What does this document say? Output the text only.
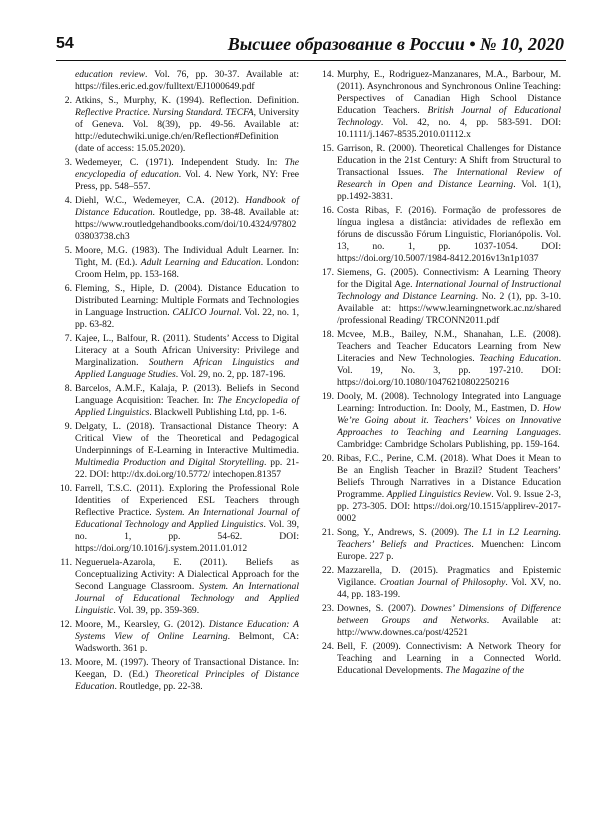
54	Высшее образование в России • № 10, 2020
education review. Vol. 76, pp. 30-37. Available at: https://files.eric.ed.gov/fulltext/EJ1000649.pdf
2. Atkins, S., Murphy, K. (1994). Reflection. Definition. Reflective Practice. Nursing Standard. TECFA, University of Geneva. Vol. 8(39), pp. 49-56. Available at: http://edutechwiki.unige.ch/en/Reflection#Definition (date of access: 15.05.2020).
3. Wedemeyer, C. (1971). Independent Study. In: The encyclopedia of education. Vol. 4. New York, NY: Free Press, pp. 548–557.
4. Diehl, W.C., Wedemeyer, C.A. (2012). Handbook of Distance Education. Routledge, pp. 38-48. Available at: https://www.routledgehandbooks.com/doi/10.4324/9780203803738.ch3
5. Moore, M.G. (1983). The Individual Adult Learner. In: Tight, M. (Ed.). Adult Learning and Education. London: Croom Helm, pp. 153-168.
6. Fleming, S., Hiple, D. (2004). Distance Education to Distributed Learning: Multiple Formats and Technologies in Language Instruction. CALICO Journal. Vol. 22, no. 1, pp. 63-82.
7. Kajee, L., Balfour, R. (2011). Students’ Access to Digital Literacy at a South African University: Privilege and Marginalization. Southern African Linguistics and Applied Language Studies. Vol. 29, no. 2, pp. 187-196.
8. Barcelos, A.M.F., Kalaja, P. (2013). Beliefs in Second Language Acquisition: Teacher. In: The Encyclopedia of Applied Linguistics. Blackwell Publishing Ltd, pp. 1-6.
9. Delgaty, L. (2018). Transactional Distance Theory: A Critical View of the Theoretical and Pedagogical Underpinnings of E-Learning in Interactive Multimedia. Multimedia Production and Digital Storytelling. pp. 21-22. DOI: http://dx.doi.org/10.5772/ intechopen.81357
10. Farrell, T.S.C. (2011). Exploring the Professional Role Identities of Experienced ESL Teachers through Reflective Practice. System. An International Journal of Educational Technology and Applied Linguistics. Vol. 39, no. 1, pp. 54-62. DOI: https://doi.org/10.1016/j.system.2011.01.012
11. Negueruela-Azarola, E. (2011). Beliefs as Conceptualizing Activity: A Dialectical Approach for the Second Language Classroom. System. An International Journal of Educational Technology and Applied Linguistic. Vol. 39, pp. 359-369.
12. Moore, M., Kearsley, G. (2012). Distance Education: A Systems View of Online Learning. Belmont, CA: Wadsworth. 361 p.
13. Moore, M. (1997). Theory of Transactional Distance. In: Keegan, D. (Ed.) Theoretical Principles of Distance Education. Routledge, pp. 22-38.
14. Murphy, E., Rodriguez-Manzanares, M.A., Barbour, M. (2011). Asynchronous and Synchronous Online Teaching: Perspectives of Canadian High School Distance Education Teachers. British Journal of Educational Technology. Vol. 42, no. 4, pp. 583-591. DOI: 10.1111/j.1467-8535.2010.01112.x
15. Garrison, R. (2000). Theoretical Challenges for Distance Education in the 21st Century: A Shift from Structural to Transactional Issues. The International Review of Research in Open and Distance Learning. Vol. 1(1), pp.1492-3831.
16. Costa Ribas, F. (2016). Formação de professores de língua inglesa a distância: atividades de reflexão em fóruns de discussão Fórum Linguistic, Florianópolis. Vol. 13, no. 1, pp. 1037-1054. DOI: https://doi.org/10.5007/1984-8412.2016v13n1p1037
17. Siemens, G. (2005). Connectivism: A Learning Theory for the Digital Age. International Journal of Instructional Technology and Distance Learning. No. 2 (1), pp. 3-10. Available at: https://www.learningnetwork.ac.nz/shared /professional Reading/ TRCONN2011.pdf
18. Mcvee, M.B., Bailey, N.M., Shanahan, L.E. (2008). Teachers and Teacher Educators Learning from New Literacies and New Technologies. Teaching Education. Vol. 19, No. 3, pp. 197-210. DOI: https://doi.org/10.1080/10476210802250216
19. Dooly, M. (2008). Technology Integrated into Language Learning: Introduction. In: Dooly, M., Eastmen, D. How We’re Going about it. Teachers’ Voices on Innovative Approaches to Teaching and Learning Languages. Cambridge: Cambridge Scholars Publishing, pp. 159-164.
20. Ribas, F.C., Perine, C.M. (2018). What Does it Mean to Be an English Teacher in Brazil? Student Teachers’ Beliefs Through Narratives in a Distance Education Programme. Applied Linguistics Review. Vol. 9. Issue 2-3, pp. 273-305. DOI: https://doi.org/10.1515/applirev-2017-0002
21. Song, Y., Andrews, S. (2009). The L1 in L2 Learning. Teachers’ Beliefs and Practices. Muenchen: Lincom Europe. 227 p.
22. Mazzarella, D. (2015). Pragmatics and Epistemic Vigilance. Croatian Journal of Philosophy. Vol. XV, no. 44, pp. 183-199.
23. Downes, S. (2007). Downes’ Dimensions of Difference between Groups and Networks. Available at: http://www.downes.ca/post/42521
24. Bell, F. (2009). Connectivism: A Network Theory for Teaching and Learning in a Connected World. Educational Developments. The Magazine of the
